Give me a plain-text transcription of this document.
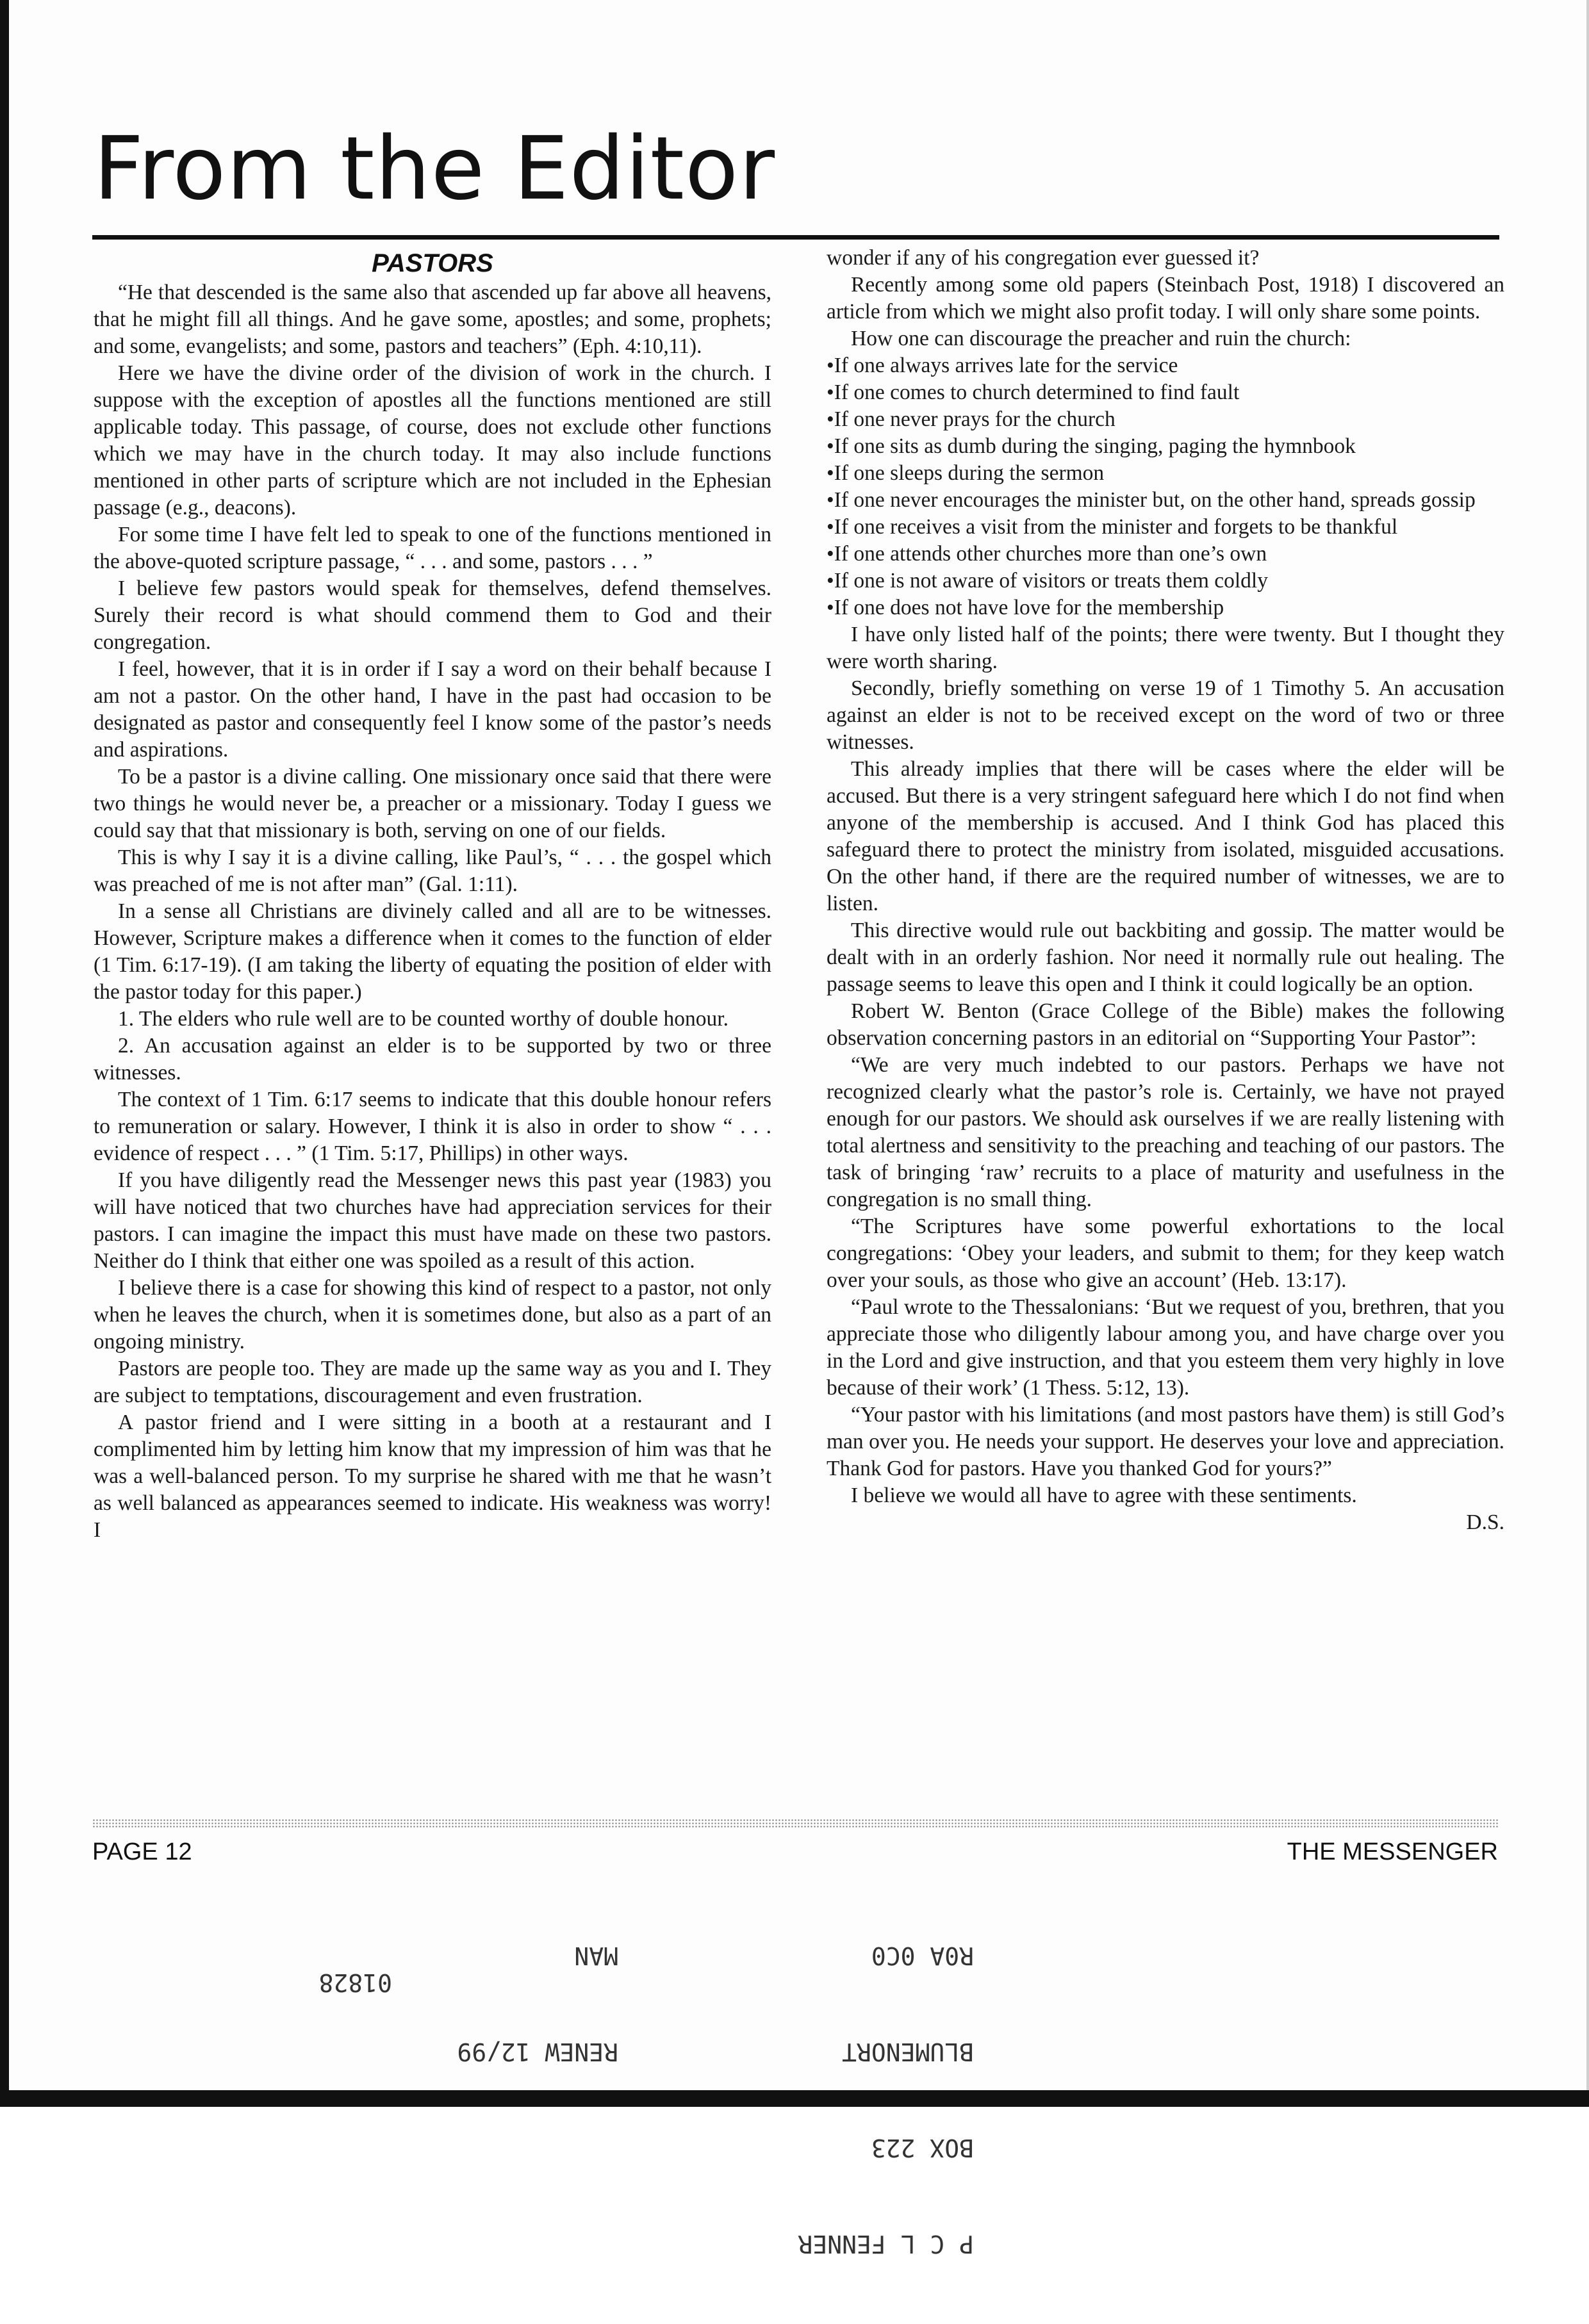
From the Editor
PASTORS

“He that descended is the same also that ascended up far above all heavens, that he might fill all things. And he gave some, apostles; and some, prophets; and some, evangelists; and some, pastors and teachers” (Eph. 4:10,11).

Here we have the divine order of the division of work in the church. I suppose with the exception of apostles all the functions mentioned are still applicable today. This passage, of course, does not exclude other functions which we may have in the church today. It may also include functions mentioned in other parts of scripture which are not included in the Ephesian passage (e.g., deacons).

For some time I have felt led to speak to one of the functions mentioned in the above-quoted scripture passage, “ . . . and some, pastors . . . ”

I believe few pastors would speak for themselves, defend themselves. Surely their record is what should commend them to God and their congregation.

I feel, however, that it is in order if I say a word on their behalf because I am not a pastor. On the other hand, I have in the past had occasion to be designated as pastor and consequently feel I know some of the pastor’s needs and aspirations.

To be a pastor is a divine calling. One missionary once said that there were two things he would never be, a preacher or a missionary. Today I guess we could say that that missionary is both, serving on one of our fields.

This is why I say it is a divine calling, like Paul’s, “ . . . the gospel which was preached of me is not after man” (Gal. 1:11).

In a sense all Christians are divinely called and all are to be witnesses. However, Scripture makes a difference when it comes to the function of elder (1 Tim. 6:17-19). (I am taking the liberty of equating the position of elder with the pastor today for this paper.)

1. The elders who rule well are to be counted worthy of double honour.

2. An accusation against an elder is to be supported by two or three witnesses.

The context of 1 Tim. 6:17 seems to indicate that this double honour refers to remuneration or salary. However, I think it is also in order to show “ . . . evidence of respect . . . ” (1 Tim. 5:17, Phillips) in other ways.

If you have diligently read the Messenger news this past year (1983) you will have noticed that two churches have had appreciation services for their pastors. I can imagine the impact this must have made on these two pastors. Neither do I think that either one was spoiled as a result of this action.

I believe there is a case for showing this kind of respect to a pastor, not only when he leaves the church, when it is sometimes done, but also as a part of an ongoing ministry.

Pastors are people too. They are made up the same way as you and I. They are subject to temptations, discouragement and even frustration.

A pastor friend and I were sitting in a booth at a restaurant and I complimented him by letting him know that my impression of him was that he was a well-balanced person. To my surprise he shared with me that he wasn’t as well balanced as appearances seemed to indicate. His weakness was worry! I

wonder if any of his congregation ever guessed it?

Recently among some old papers (Steinbach Post, 1918) I discovered an article from which we might also profit today. I will only share some points.

How one can discourage the preacher and ruin the church:

•If one always arrives late for the service

•If one comes to church determined to find fault

•If one never prays for the church

•If one sits as dumb during the singing, paging the hymnbook

•If one sleeps during the sermon

•If one never encourages the minister but, on the other hand, spreads gossip

•If one receives a visit from the minister and forgets to be thankful

•If one attends other churches more than one’s own

•If one is not aware of visitors or treats them coldly

•If one does not have love for the membership

I have only listed half of the points; there were twenty. But I thought they were worth sharing.

Secondly, briefly something on verse 19 of 1 Timothy 5. An accusation against an elder is not to be received except on the word of two or three witnesses.

This already implies that there will be cases where the elder will be accused. But there is a very stringent safeguard here which I do not find when anyone of the membership is accused. And I think God has placed this safeguard there to protect the ministry from isolated, misguided accusations. On the other hand, if there are the required number of witnesses, we are to listen.

This directive would rule out backbiting and gossip. The matter would be dealt with in an orderly fashion. Nor need it normally rule out healing. The passage seems to leave this open and I think it could logically be an option.

Robert W. Benton (Grace College of the Bible) makes the following observation concerning pastors in an editorial on “Supporting Your Pastor”:

“We are very much indebted to our pastors. Perhaps we have not recognized clearly what the pastor’s role is. Certainly, we have not prayed enough for our pastors. We should ask ourselves if we are really listening with total alertness and sensitivity to the preaching and teaching of our pastors. The task of bringing ‘raw’ recruits to a place of maturity and usefulness in the congregation is no small thing.

“The Scriptures have some powerful exhortations to the local congregations: ‘Obey your leaders, and submit to them; for they keep watch over your souls, as those who give an account’ (Heb. 13:17).

“Paul wrote to the Thessalonians: ‘But we request of you, brethren, that you appreciate those who diligently labour among you, and have charge over you in the Lord and give instruction, and that you esteem them very highly in love because of their work’ (1 Thess. 5:12, 13).

“Your pastor with his limitations (and most pastors have them) is still God’s man over you. He needs your support. He deserves your love and appreciation. Thank God for pastors. Have you thanked God for yours?”

I believe we would all have to agree with these sentiments.

D.S.

PAGE 12	THE MESSENGER

P C L FENNER

BOX 223

BLUMENORT

R0A 0C0

RENEW 12/99

MAN

01828
